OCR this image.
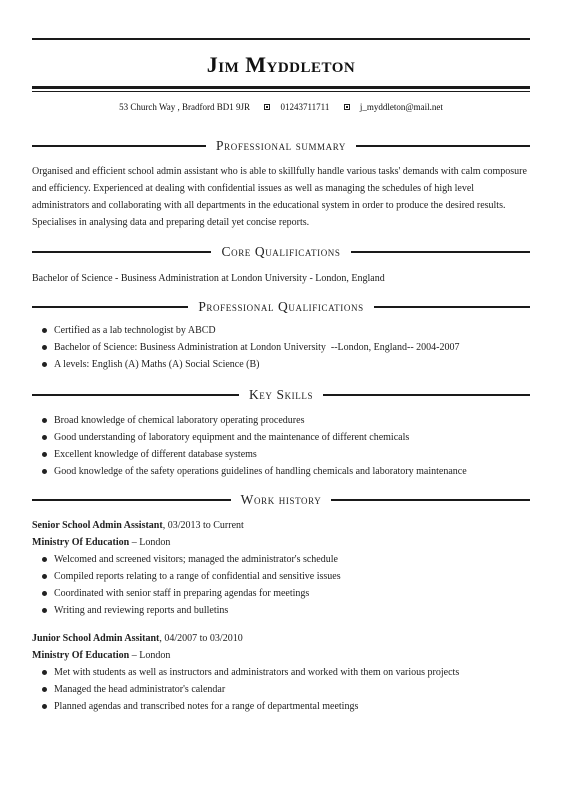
Jim Myddleton
53 Church Way , Bradford BD1 9JR	01243711711	j_myddleton@mail.net
Professional summary
Organised and efficient school admin assistant who is able to skillfully handle various tasks' demands with calm composure and efficiency. Experienced at dealing with confidential issues as well as managing the schedules of high level administrators and collaborating with all departments in the educational system in order to produce the desired results. Specialises in analysing data and preparing detail yet concise reports.
Core Qualifications
Bachelor of Science - Business Administration at London University - London, England
Professional Qualifications
Certified as a lab technologist by ABCD
Bachelor of Science: Business Administration at London University  --London, England-- 2004-2007
A levels: English (A) Maths (A) Social Science (B)
Key Skills
Broad knowledge of chemical laboratory operating procedures
Good understanding of laboratory equipment and the maintenance of different chemicals
Excellent knowledge of different database systems
Good knowledge of the safety operations guidelines of handling chemicals and laboratory maintenance
Work history
Senior School Admin Assistant, 03/2013 to Current
Ministry Of Education – London
Welcomed and screened visitors; managed the administrator's schedule
Compiled reports relating to a range of confidential and sensitive issues
Coordinated with senior staff in preparing agendas for meetings
Writing and reviewing reports and bulletins
Junior School Admin Assitant, 04/2007 to 03/2010
Ministry Of Education – London
Met with students as well as instructors and administrators and worked with them on various projects
Managed the head administrator's calendar
Planned agendas and transcribed notes for a range of departmental meetings
